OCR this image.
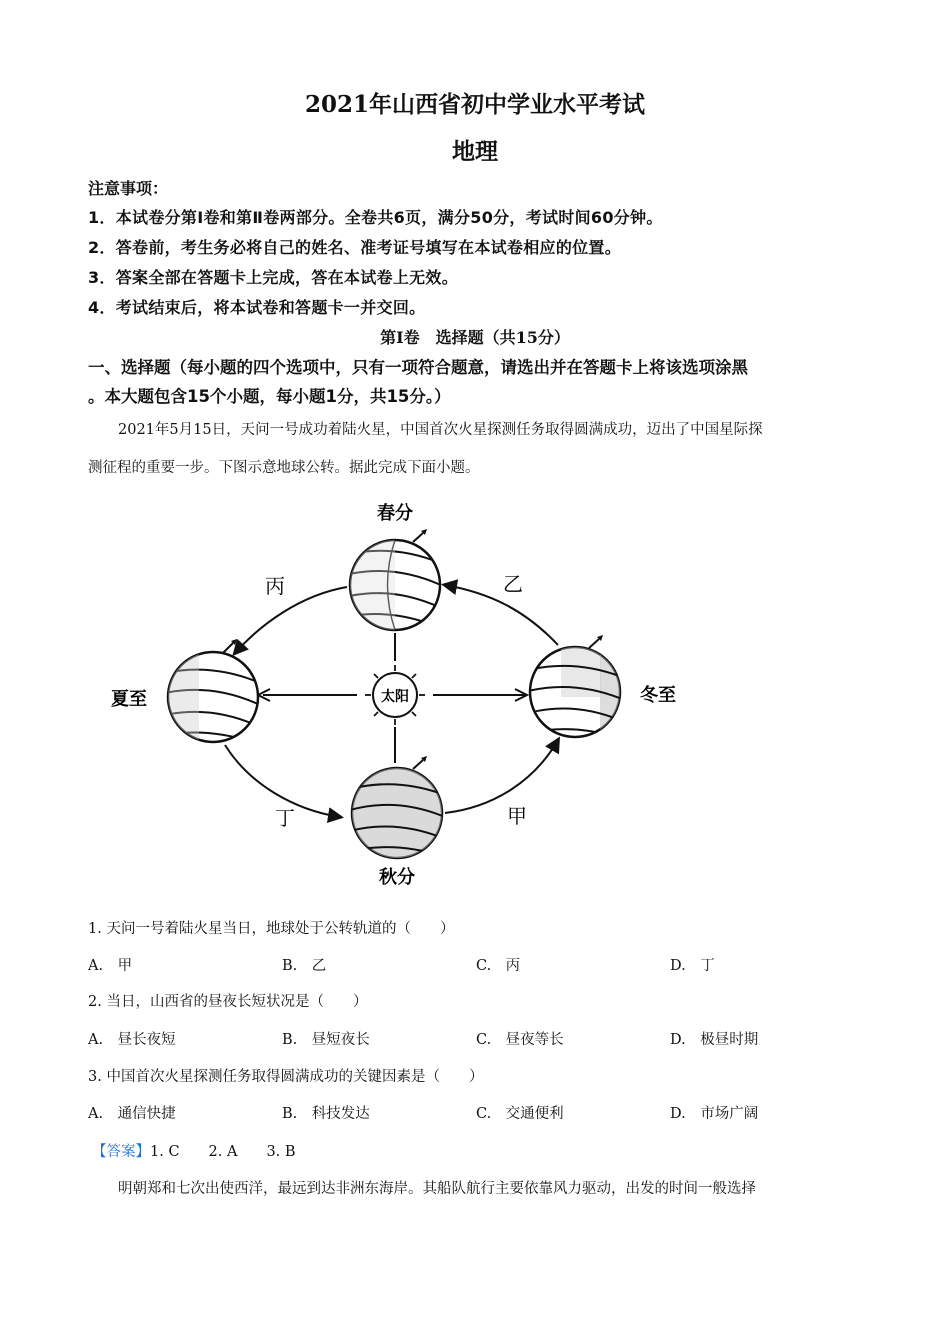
2021年山西省初中学业水平考试
地理
注意事项：
1．本试卷分第Ⅰ卷和第Ⅱ卷两部分。全卷共6页，满分50分，考试时间60分钟。
2．答卷前，考生务必将自己的姓名、准考证号填写在本试卷相应的位置。
3．答案全部在答题卡上完成，答在本试卷上无效。
4．考试结束后，将本试卷和答题卡一并交回。
第Ⅰ卷　选择题（共15分）
一、选择题（每小题的四个选项中，只有一项符合题意，请选出并在答题卡上将该选项涂黑
。本大题包含15个小题，每小题1分，共15分。）
2021年5月15日，天问一号成功着陆火星，中国首次火星探测任务取得圆满成功，迈出了中国星际探
测征程的重要一步。下图示意地球公转。据此完成下面小题。
太阳
春分
夏至
秋分
冬至
丙	乙
丁	甲
1. 天问一号着陆火星当日，地球处于公转轨道的（　　）
A.　甲	B.　乙	C.　丙	D.　丁
2. 当日，山西省的昼夜长短状况是（　　）
A.　昼长夜短	B.　昼短夜长	C.　昼夜等长	D.　极昼时期
3. 中国首次火星探测任务取得圆满成功的关键因素是（　　）
A.　通信快捷	B.　科技发达	C.　交通便利	D.　市场广阔
【答案】1. C　　2. A　　3. B
明朝郑和七次出使西洋，最远到达非洲东海岸。其船队航行主要依靠风力驱动，出发的时间一般选择
